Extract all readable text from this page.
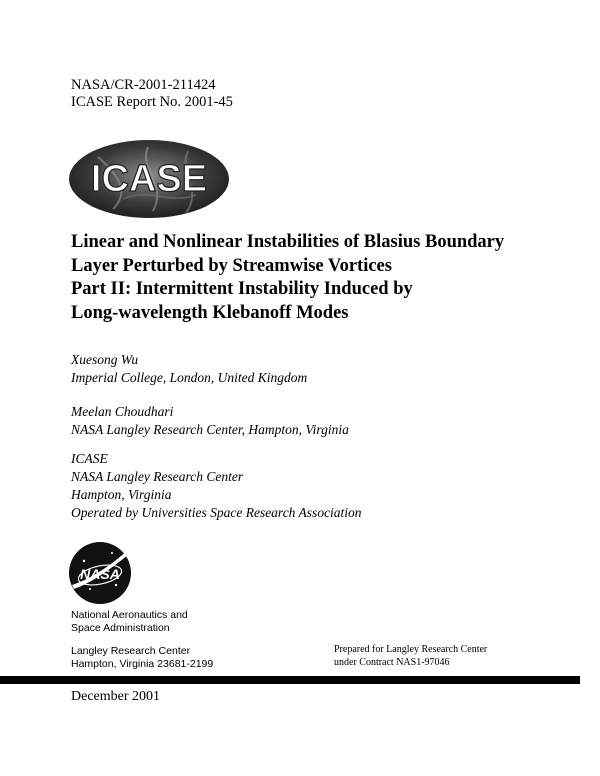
NASA/CR-2001-211424
ICASE Report No. 2001-45
ICASE
Linear and Nonlinear Instabilities of Blasius Boundary
Layer Perturbed by Streamwise Vortices
Part II: Intermittent Instability Induced by
Long-wavelength Klebanoff Modes
Xuesong Wu
Imperial College, London, United Kingdom
Meelan Choudhari
NASA Langley Research Center, Hampton, Virginia
ICASE
NASA Langley Research Center
Hampton, Virginia
Operated by Universities Space Research Association
NASA
National Aeronautics and
Space Administration
Langley Research Center
Hampton, Virginia 23681-2199
Prepared for Langley Research Center
under Contract NAS1-97046
December 2001
